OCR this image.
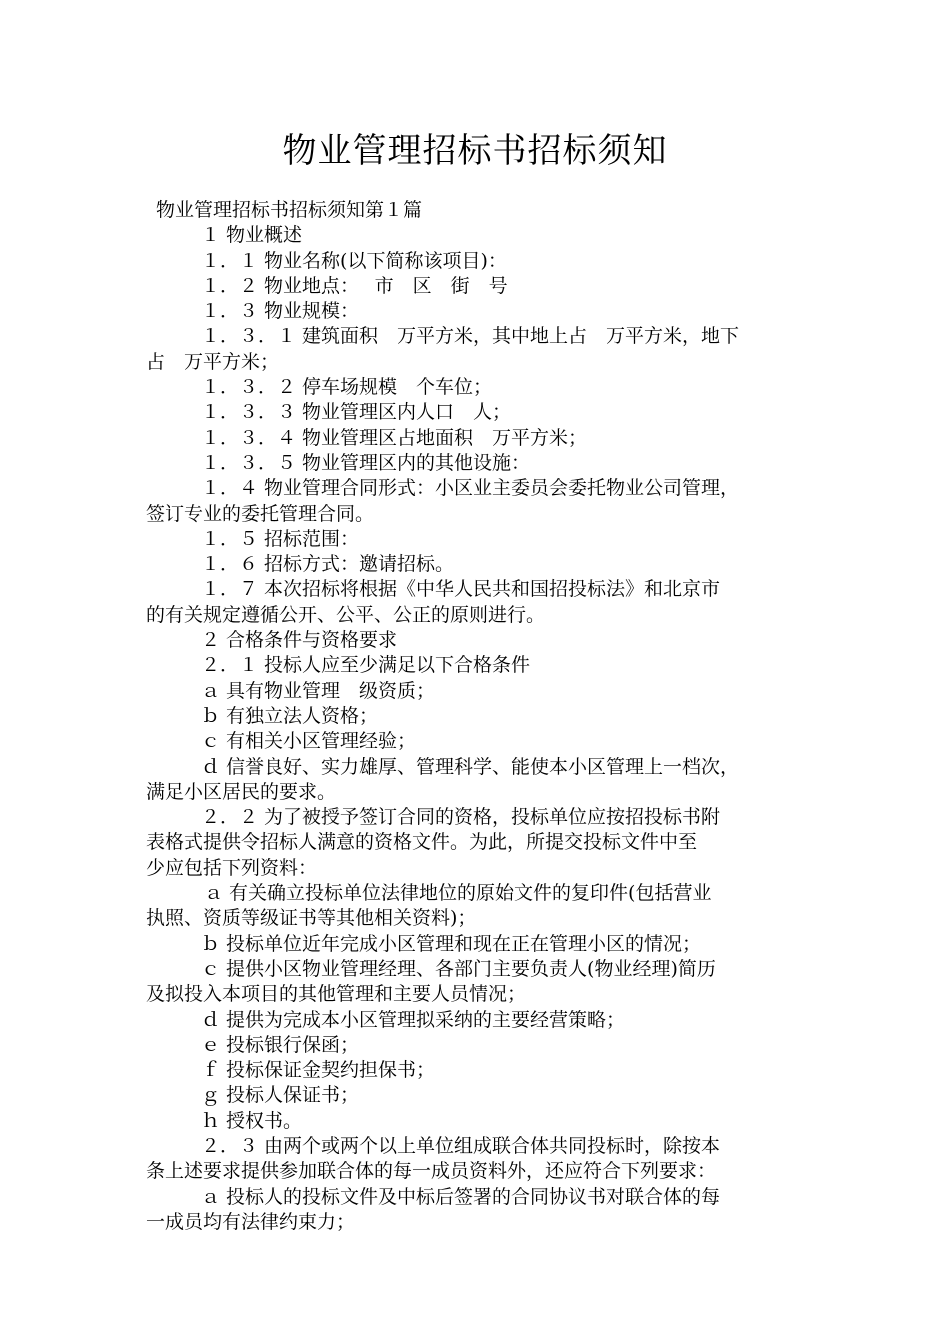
物业管理招标书招标须知
物业管理招标书招标须知第１篇
１ 物业概述
１．１ 物业名称(以下简称该项目)：
１．２ 物业地点：　 市　区　街　号
１．３ 物业规模：
１．３．１ 建筑面积　万平方米，其中地上占　万平方米，地下
占　万平方米；
１．３．２ 停车场规模　个车位；
１．３．３ 物业管理区内人口　人；
１．３．４ 物业管理区占地面积　万平方米；
１．３．５ 物业管理区内的其他设施：
１．４ 物业管理合同形式：小区业主委员会委托物业公司管理，
签订专业的委托管理合同。
１．５ 招标范围：
１．６ 招标方式：邀请招标。
１．７ 本次招标将根据《中华人民共和国招投标法》和北京市
的有关规定遵循公开、公平、公正的原则进行。
２ 合格条件与资格要求
２．１ 投标人应至少满足以下合格条件
ａ 具有物业管理　级资质；
ｂ 有独立法人资格；
ｃ 有相关小区管理经验；
ｄ 信誉良好、实力雄厚、管理科学、能使本小区管理上一档次，
满足小区居民的要求。
２．２ 为了被授予签订合同的资格，投标单位应按招投标书附
表格式提供令招标人满意的资格文件。为此，所提交投标文件中至
少应包括下列资料：
ａ 有关确立投标单位法律地位的原始文件的复印件(包括营业
执照、资质等级证书等其他相关资料)；
ｂ 投标单位近年完成小区管理和现在正在管理小区的情况；
ｃ 提供小区物业管理经理、各部门主要负责人(物业经理)简历
及拟投入本项目的其他管理和主要人员情况；
ｄ 提供为完成本小区管理拟采纳的主要经营策略；
ｅ 投标银行保函；
ｆ 投标保证金契约担保书；
ｇ 投标人保证书；
ｈ 授权书。
２．３ 由两个或两个以上单位组成联合体共同投标时，除按本
条上述要求提供参加联合体的每一成员资料外，还应符合下列要求：
ａ 投标人的投标文件及中标后签署的合同协议书对联合体的每
一成员均有法律约束力；
